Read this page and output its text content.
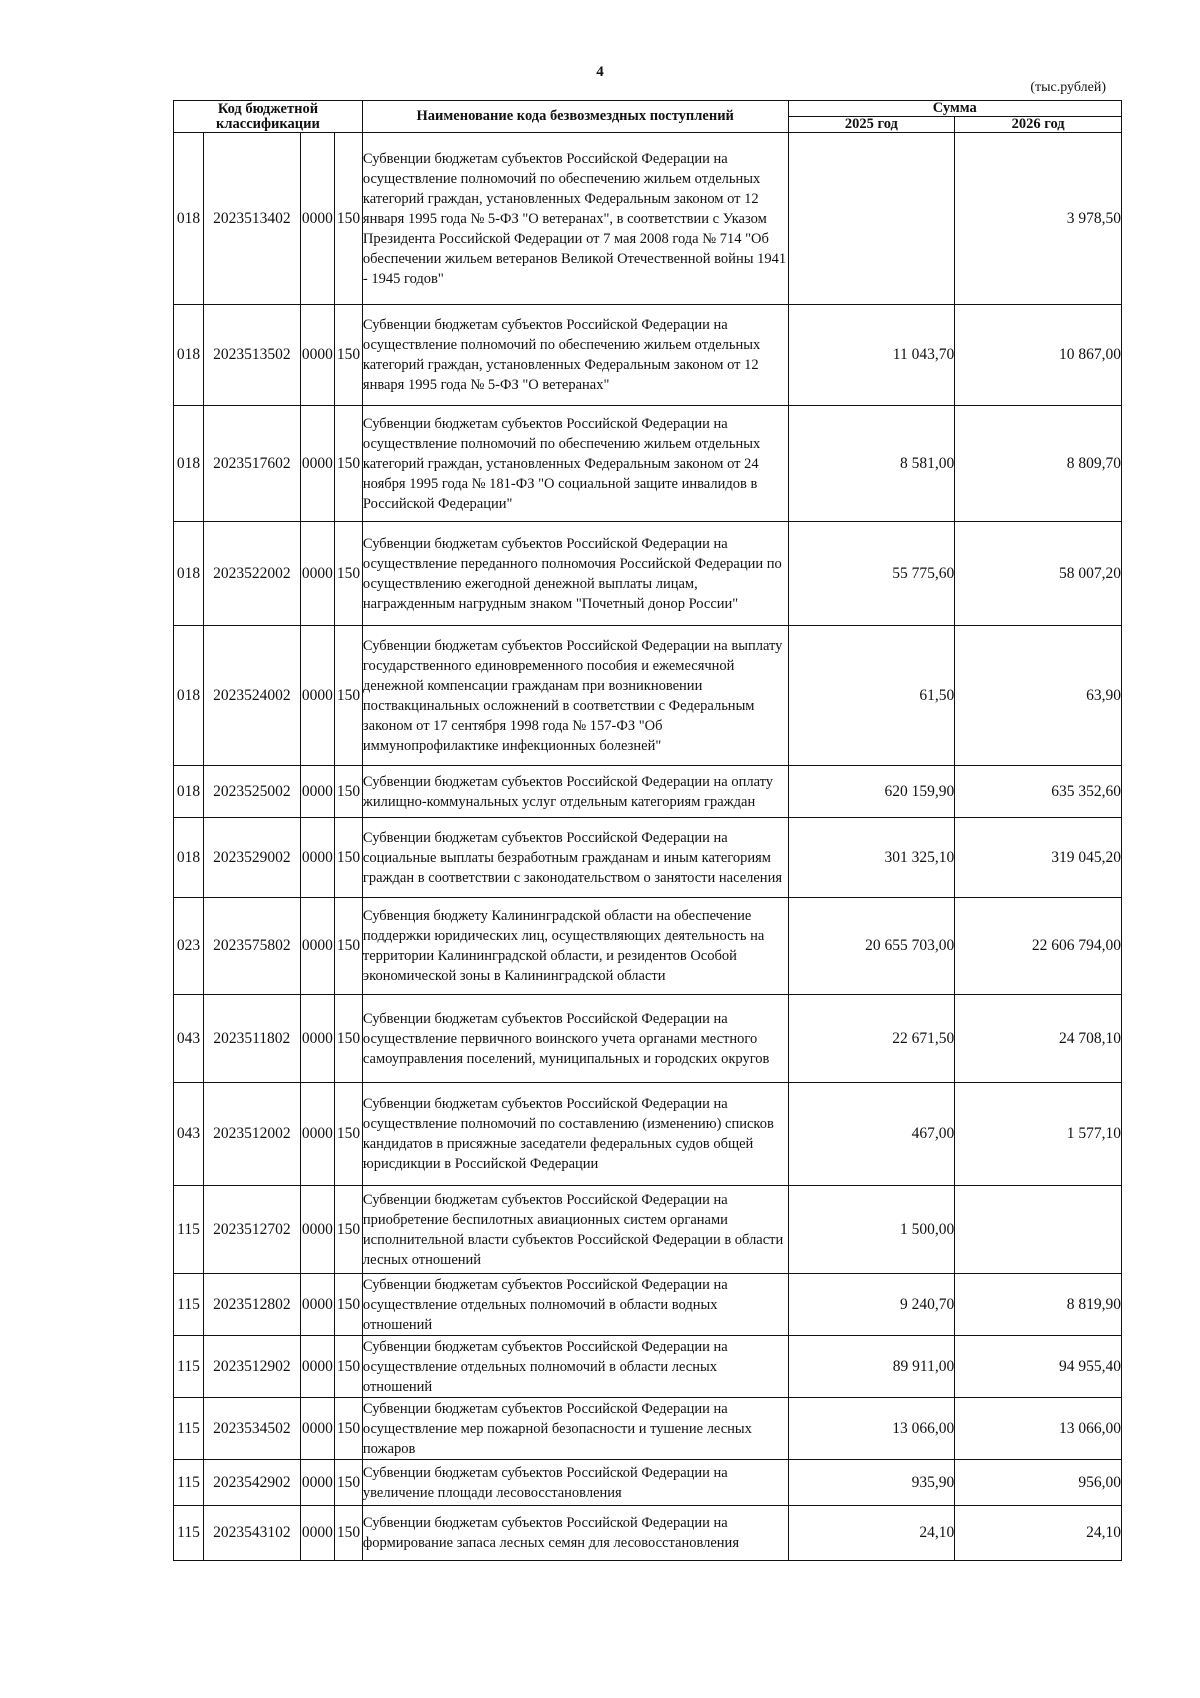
4
(тыс.рублей)
Код бюджетной классификации				Наименование кода безвозмездных поступлений	Сумма	
					2025 год	2026 год
018	2023513402	0000	150	Субвенции бюджетам субъектов Российской Федерации на осуществление полномочий по обеспечению жильем отдельных категорий граждан, установленных Федеральным законом от 12 января 1995 года № 5-ФЗ "О ветеранах", в соответствии с Указом Президента Российской Федерации от 7 мая 2008 года № 714 "Об обеспечении жильем ветеранов Великой Отечественной войны 1941 - 1945 годов"		3 978,50
018	2023513502	0000	150	Субвенции бюджетам субъектов Российской Федерации на осуществление полномочий по обеспечению жильем отдельных категорий граждан, установленных Федеральным законом от 12 января 1995 года № 5-ФЗ "О ветеранах"	11 043,70	10 867,00
018	2023517602	0000	150	Субвенции бюджетам субъектов Российской Федерации на осуществление полномочий по обеспечению жильем отдельных категорий граждан, установленных Федеральным законом от 24 ноября 1995 года № 181-ФЗ "О социальной защите инвалидов в Российской Федерации"	8 581,00	8 809,70
018	2023522002	0000	150	Субвенции бюджетам субъектов Российской Федерации на осуществление переданного полномочия Российской Федерации по осуществлению ежегодной денежной выплаты лицам, награжденным нагрудным знаком "Почетный донор России"	55 775,60	58 007,20
018	2023524002	0000	150	Субвенции бюджетам субъектов Российской Федерации на выплату государственного единовременного пособия и ежемесячной денежной компенсации гражданам при возникновении поствакцинальных осложнений в соответствии с Федеральным законом от 17 сентября 1998 года № 157-ФЗ "Об иммунопрофилактике инфекционных болезней"	61,50	63,90
018	2023525002	0000	150	Субвенции бюджетам субъектов Российской Федерации на оплату жилищно-коммунальных услуг отдельным категориям граждан	620 159,90	635 352,60
018	2023529002	0000	150	Субвенции бюджетам субъектов Российской Федерации на социальные выплаты безработным гражданам и иным категориям граждан в соответствии с законодательством о занятости населения	301 325,10	319 045,20
023	2023575802	0000	150	Субвенция бюджету Калининградской области на обеспечение поддержки юридических лиц, осуществляющих деятельность на территории Калининградской области, и резидентов Особой экономической зоны в Калининградской области	20 655 703,00	22 606 794,00
043	2023511802	0000	150	Субвенции бюджетам субъектов Российской Федерации на осуществление первичного воинского учета органами местного самоуправления поселений, муниципальных и городских округов	22 671,50	24 708,10
043	2023512002	0000	150	Субвенции бюджетам субъектов Российской Федерации на осуществление полномочий по составлению (изменению) списков кандидатов в присяжные заседатели федеральных судов общей юрисдикции в Российской Федерации	467,00	1 577,10
115	2023512702	0000	150	Субвенции бюджетам субъектов Российской Федерации на приобретение беспилотных авиационных систем органами исполнительной власти субъектов Российской Федерации в области лесных отношений	1 500,00	
115	2023512802	0000	150	Субвенции бюджетам субъектов Российской Федерации на осуществление отдельных полномочий в области водных отношений	9 240,70	8 819,90
115	2023512902	0000	150	Субвенции бюджетам субъектов Российской Федерации на осуществление отдельных полномочий в области лесных отношений	89 911,00	94 955,40
115	2023534502	0000	150	Субвенции бюджетам субъектов Российской Федерации на осуществление мер пожарной безопасности и тушение лесных пожаров	13 066,00	13 066,00
115	2023542902	0000	150	Субвенции бюджетам субъектов Российской Федерации на увеличение площади лесовосстановления	935,90	956,00
115	2023543102	0000	150	Субвенции бюджетам субъектов Российской Федерации на формирование запаса лесных семян для лесовосстановления	24,10	24,10
